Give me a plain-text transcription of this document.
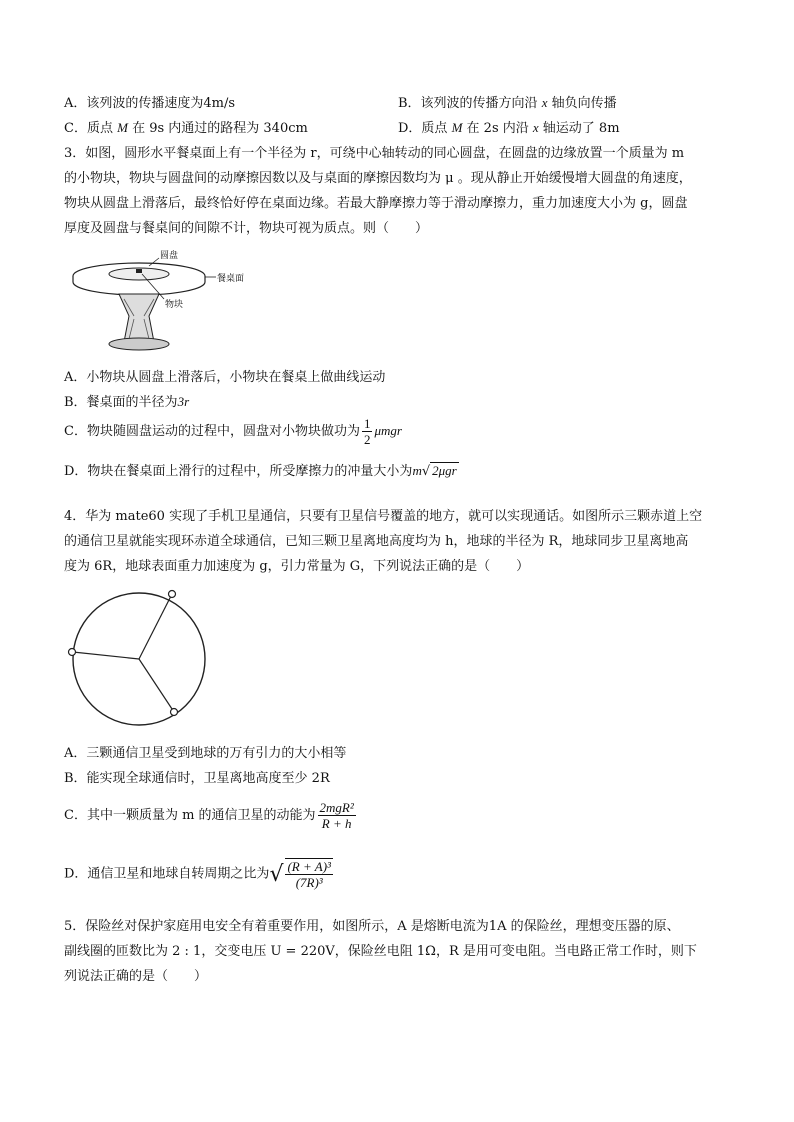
A．该列波的传播速度为4m/s	B．该列波的传播方向沿 x 轴负向传播
C．质点 M 在 9s 内通过的路程为 340cm	D．质点 M 在 2s 内沿 x 轴运动了 8m
3．如图，圆形水平餐桌面上有一个半径为 r，可绕中心轴转动的同心圆盘，在圆盘的边缘放置一个质量为 m
的小物块，物块与圆盘间的动摩擦因数以及与桌面的摩擦因数均为 μ 。现从静止开始缓慢增大圆盘的角速度，
物块从圆盘上滑落后，最终恰好停在桌面边缘。若最大静摩擦力等于滑动摩擦力，重力加速度大小为 g，圆盘
厚度及圆盘与餐桌间的间隙不计，物块可视为质点。则（　　）
圆盘
餐桌面
物块
A．小物块从圆盘上滑落后，小物块在餐桌上做曲线运动
B．餐桌面的半径为3r
C．物块随圆盘运动的过程中，圆盘对小物块做功为 $\frac{1}{2}$ μmgr
D．物块在餐桌面上滑行的过程中，所受摩擦力的冲量大小为m√ 2μgr
4．华为 mate60 实现了手机卫星通信，只要有卫星信号覆盖的地方，就可以实现通话。如图所示三颗赤道上空
的通信卫星就能实现环赤道全球通信，已知三颗卫星离地高度均为 h，地球的半径为 R，地球同步卫星离地高
度为 6R，地球表面重力加速度为 g，引力常量为 G，下列说法正确的是（　　）
A．三颗通信卫星受到地球的万有引力的大小相等
B．能实现全球通信时，卫星离地高度至少 2R
C．其中一颗质量为 m 的通信卫星的动能为 $\frac{\text{2mgR²}}{R + h}$
D．通信卫星和地球自转周期之比为√ $\frac{\text{(R + A)³}}{\text{(7R)³}}$
5．保险丝对保护家庭用电安全有着重要作用，如图所示，A 是熔断电流为1A 的保险丝，理想变压器的原、
副线圈的匝数比为 2 : 1，交变电压 U = 220V，保险丝电阻 1Ω，R 是用可变电阻。当电路正常工作时，则下
列说法正确的是（　　）
